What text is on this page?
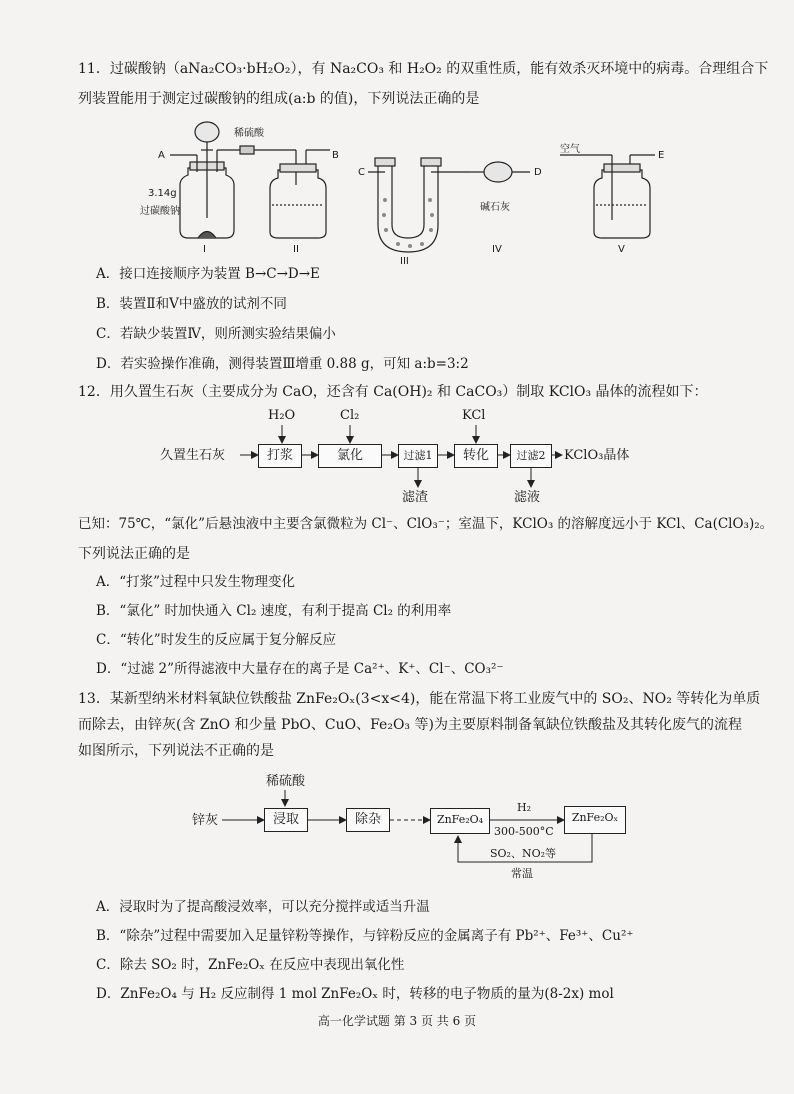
11．过碳酸钠（aNa₂CO₃·bH₂O₂），有 Na₂CO₃ 和 H₂O₂ 的双重性质，能有效杀灭环境中的病毒。合理组合下
列装置能用于测定过碳酸钠的组成(a:b 的值)，下列说法正确的是
稀硫酸
A	B
C	D
E
3.14g
过碳酸钠	碱石灰
空气
I	II
III
IV	V
A．接口连接顺序为装置 B→C→D→E
B．装置Ⅱ和Ⅴ中盛放的试剂不同
C．若缺少装置Ⅳ，则所测实验结果偏小
D．若实验操作准确，测得装置Ⅲ增重 0.88 g，可知 a:b=3:2
12．用久置生石灰（主要成分为 CaO，还含有 Ca(OH)₂ 和 CaCO₃）制取 KClO₃ 晶体的流程如下：
久置生石灰	打浆	氯化	过滤1	转化	过滤2	KClO₃晶体
H₂O	Cl₂	KCl
滤渣	滤液
已知：75℃，“氯化”后悬浊液中主要含氯微粒为 Cl⁻、ClO₃⁻；室温下，KClO₃ 的溶解度远小于 KCl、Ca(ClO₃)₂。
下列说法正确的是
A．“打浆”过程中只发生物理变化
B．“氯化” 时加快通入 Cl₂ 速度，有利于提高 Cl₂ 的利用率
C．“转化”时发生的反应属于复分解反应
D．“过滤 2”所得滤液中大量存在的离子是 Ca²⁺、K⁺、Cl⁻、CO₃²⁻
13．某新型纳米材料氧缺位铁酸盐 ZnFe₂Oₓ(3<x<4)，能在常温下将工业废气中的 SO₂、NO₂ 等转化为单质
而除去，由锌灰(含 ZnO 和少量 PbO、CuO、Fe₂O₃ 等)为主要原料制备氧缺位铁酸盐及其转化废气的流程
如图所示，下列说法不正确的是
锌灰
稀硫酸
浸取	除杂	ZnFe₂O₄	ZnFe₂Oₓ
H₂
300-500°C
SO₂、NO₂等
常温
A．浸取时为了提高酸浸效率，可以充分搅拌或适当升温
B．“除杂”过程中需要加入足量锌粉等操作，与锌粉反应的金属离子有 Pb²⁺、Fe³⁺、Cu²⁺
C．除去 SO₂ 时，ZnFe₂Oₓ 在反应中表现出氧化性
D．ZnFe₂O₄ 与 H₂ 反应制得 1 mol ZnFe₂Oₓ 时，转移的电子物质的量为(8-2x) mol
高一化学试题 第 3 页 共 6 页
